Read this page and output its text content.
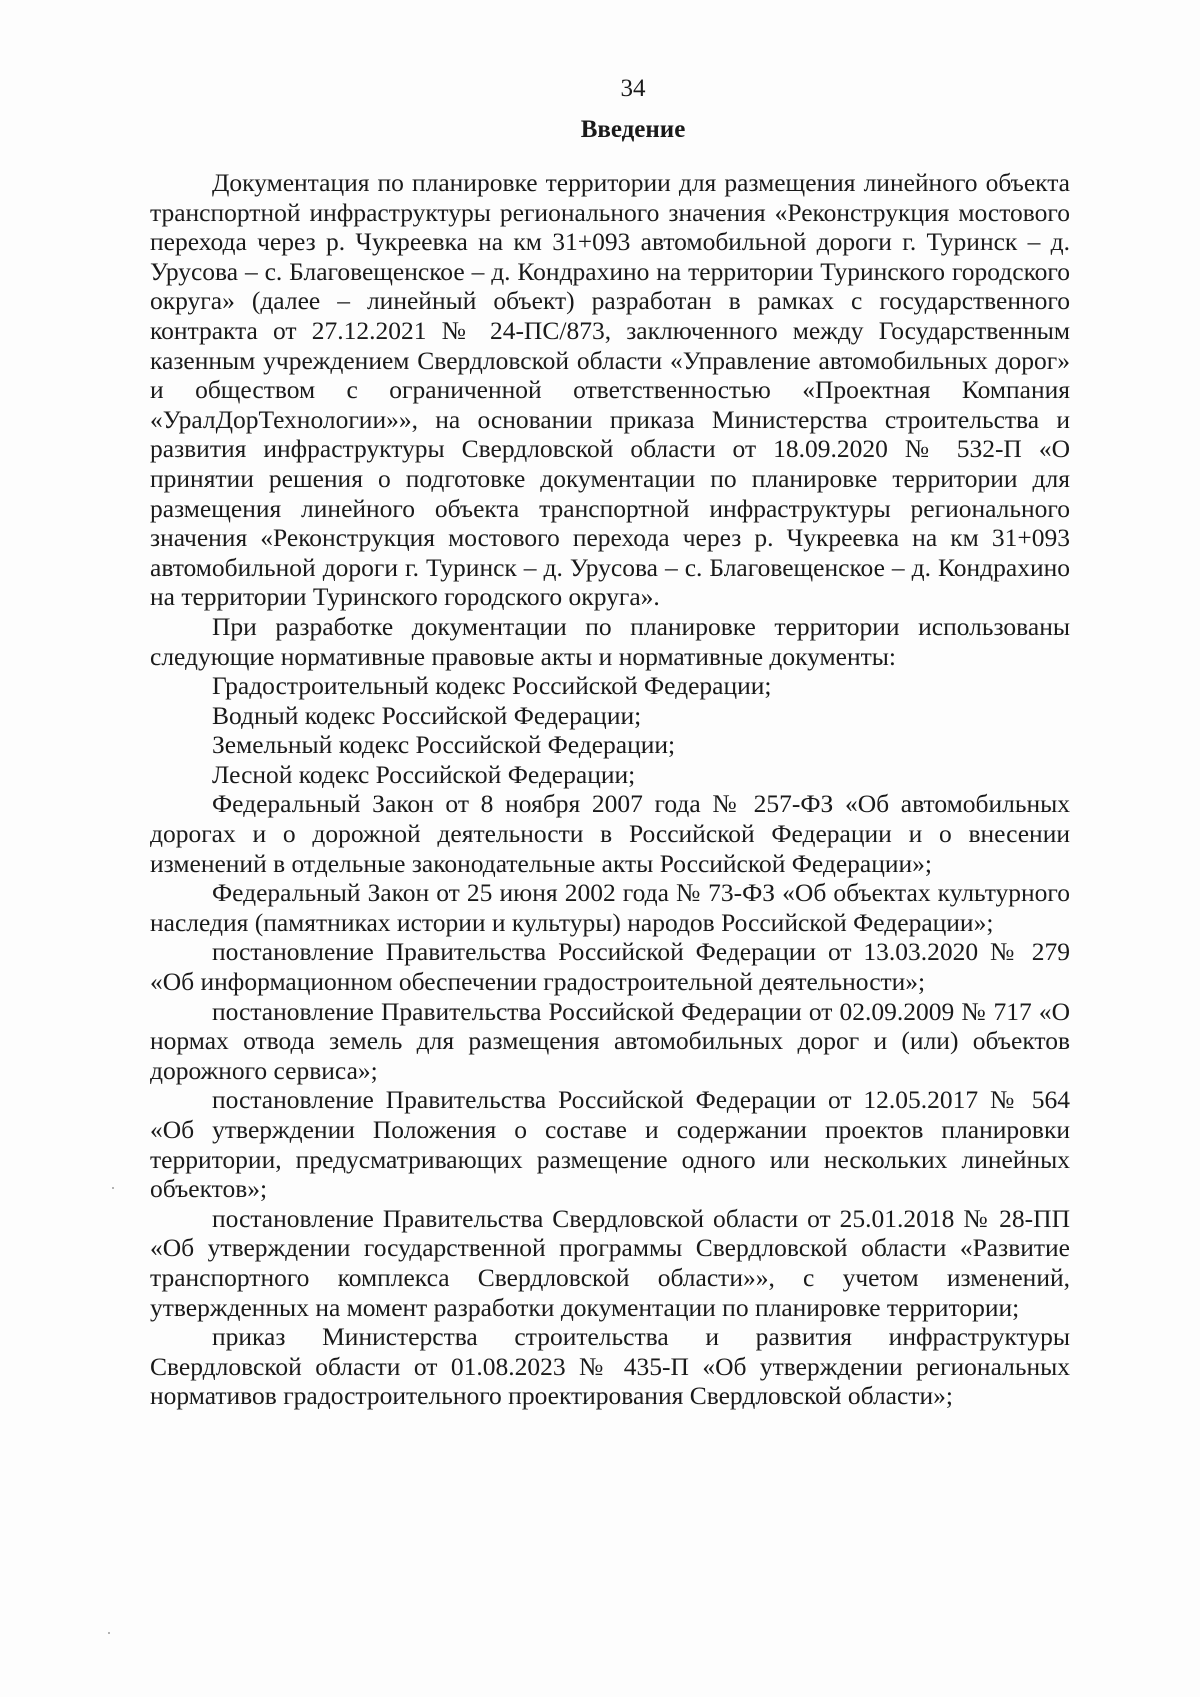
34
Введение

Документация по планировке территории для размещения линейного объекта транспортной инфраструктуры регионального значения «Реконструкция мостового перехода через р. Чукреевка на км 31+093 автомобильной дороги г. Туринск – д. Урусова – с. Благовещенское – д. Кондрахино на территории Туринского городского округа» (далее – линейный объект) разработан в рамках с государственного контракта от 27.12.2021 № 24-ПС/873, заключенного между Государственным казенным учреждением Свердловской области «Управление автомобильных дорог» и обществом с ограниченной ответственностью «Проектная Компания «УралДорТехнологии»», на основании приказа Министерства строительства и развития инфраструктуры Свердловской области от 18.09.2020 № 532-П «О принятии решения о подготовке документации по планировке территории для размещения линейного объекта транспортной инфраструктуры регионального значения «Реконструкция мостового перехода через р. Чукреевка на км 31+093 автомобильной дороги г. Туринск – д. Урусова – с. Благовещенское – д. Кондрахино на территории Туринского городского округа».

При разработке документации по планировке территории использованы следующие нормативные правовые акты и нормативные документы:

Градостроительный кодекс Российской Федерации;

Водный кодекс Российской Федерации;

Земельный кодекс Российской Федерации;

Лесной кодекс Российской Федерации;

Федеральный Закон от 8 ноября 2007 года № 257-ФЗ «Об автомобильных дорогах и о дорожной деятельности в Российской Федерации и о внесении изменений в отдельные законодательные акты Российской Федерации»;

Федеральный Закон от 25 июня 2002 года № 73-ФЗ «Об объектах культурного наследия (памятниках истории и культуры) народов Российской Федерации»;

постановление Правительства Российской Федерации от 13.03.2020 № 279 «Об информационном обеспечении градостроительной деятельности»;

постановление Правительства Российской Федерации от 02.09.2009 № 717 «О нормах отвода земель для размещения автомобильных дорог и (или) объектов дорожного сервиса»;

постановление Правительства Российской Федерации от 12.05.2017 № 564 «Об утверждении Положения о составе и содержании проектов планировки территории, предусматривающих размещение одного или нескольких линейных объектов»;

постановление Правительства Свердловской области от 25.01.2018 № 28-ПП «Об утверждении государственной программы Свердловской области «Развитие транспортного комплекса Свердловской области»», с учетом изменений, утвержденных на момент разработки документации по планировке территории;

приказ Министерства строительства и развития инфраструктуры Свердловской области от 01.08.2023 № 435-П «Об утверждении региональных нормативов градостроительного проектирования Свердловской области»;
